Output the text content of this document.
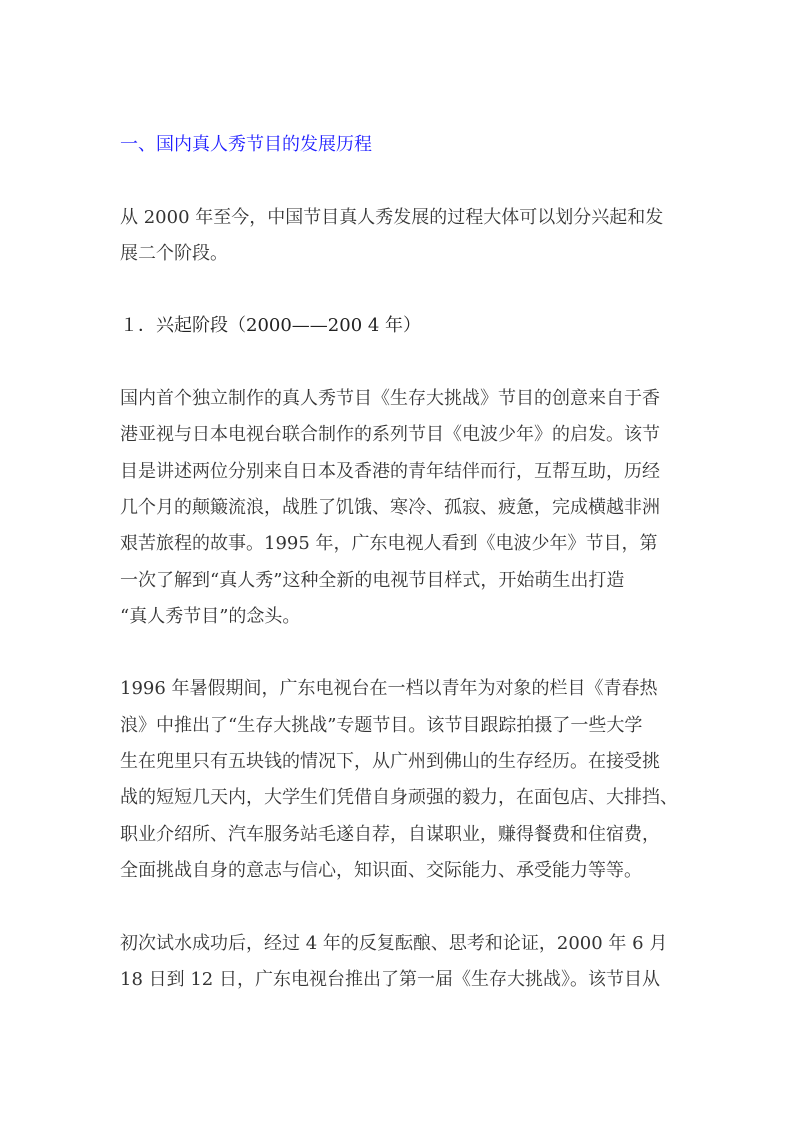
一、国内真人秀节目的发展历程
从 2000 年至今，中国节目真人秀发展的过程大体可以划分兴起和发
展二个阶段。
１．兴起阶段（2000——200 4 年）
国内首个独立制作的真人秀节目《生存大挑战》节目的创意来自于香
港亚视与日本电视台联合制作的系列节目《电波少年》的启发。该节
目是讲述两位分别来自日本及香港的青年结伴而行，互帮互助，历经
几个月的颠簸流浪，战胜了饥饿、寒冷、孤寂、疲惫，完成横越非洲
艰苦旅程的故事。1995 年，广东电视人看到《电波少年》节目，第
一次了解到“真人秀”这种全新的电视节目样式，开始萌生出打造
“真人秀节目”的念头。
1996 年暑假期间，广东电视台在一档以青年为对象的栏目《青春热
浪》中推出了“生存大挑战”专题节目。该节目跟踪拍摄了一些大学
生在兜里只有五块钱的情况下，从广州到佛山的生存经历。在接受挑
战的短短几天内，大学生们凭借自身顽强的毅力，在面包店、大排挡、
职业介绍所、汽车服务站毛遂自荐，自谋职业，赚得餐费和住宿费，
全面挑战自身的意志与信心，知识面、交际能力、承受能力等等。
初次试水成功后，经过 4 年的反复酝酿、思考和论证，2000 年 6 月
18 日到 12 日，广东电视台推出了第一届《生存大挑战》。该节目从
